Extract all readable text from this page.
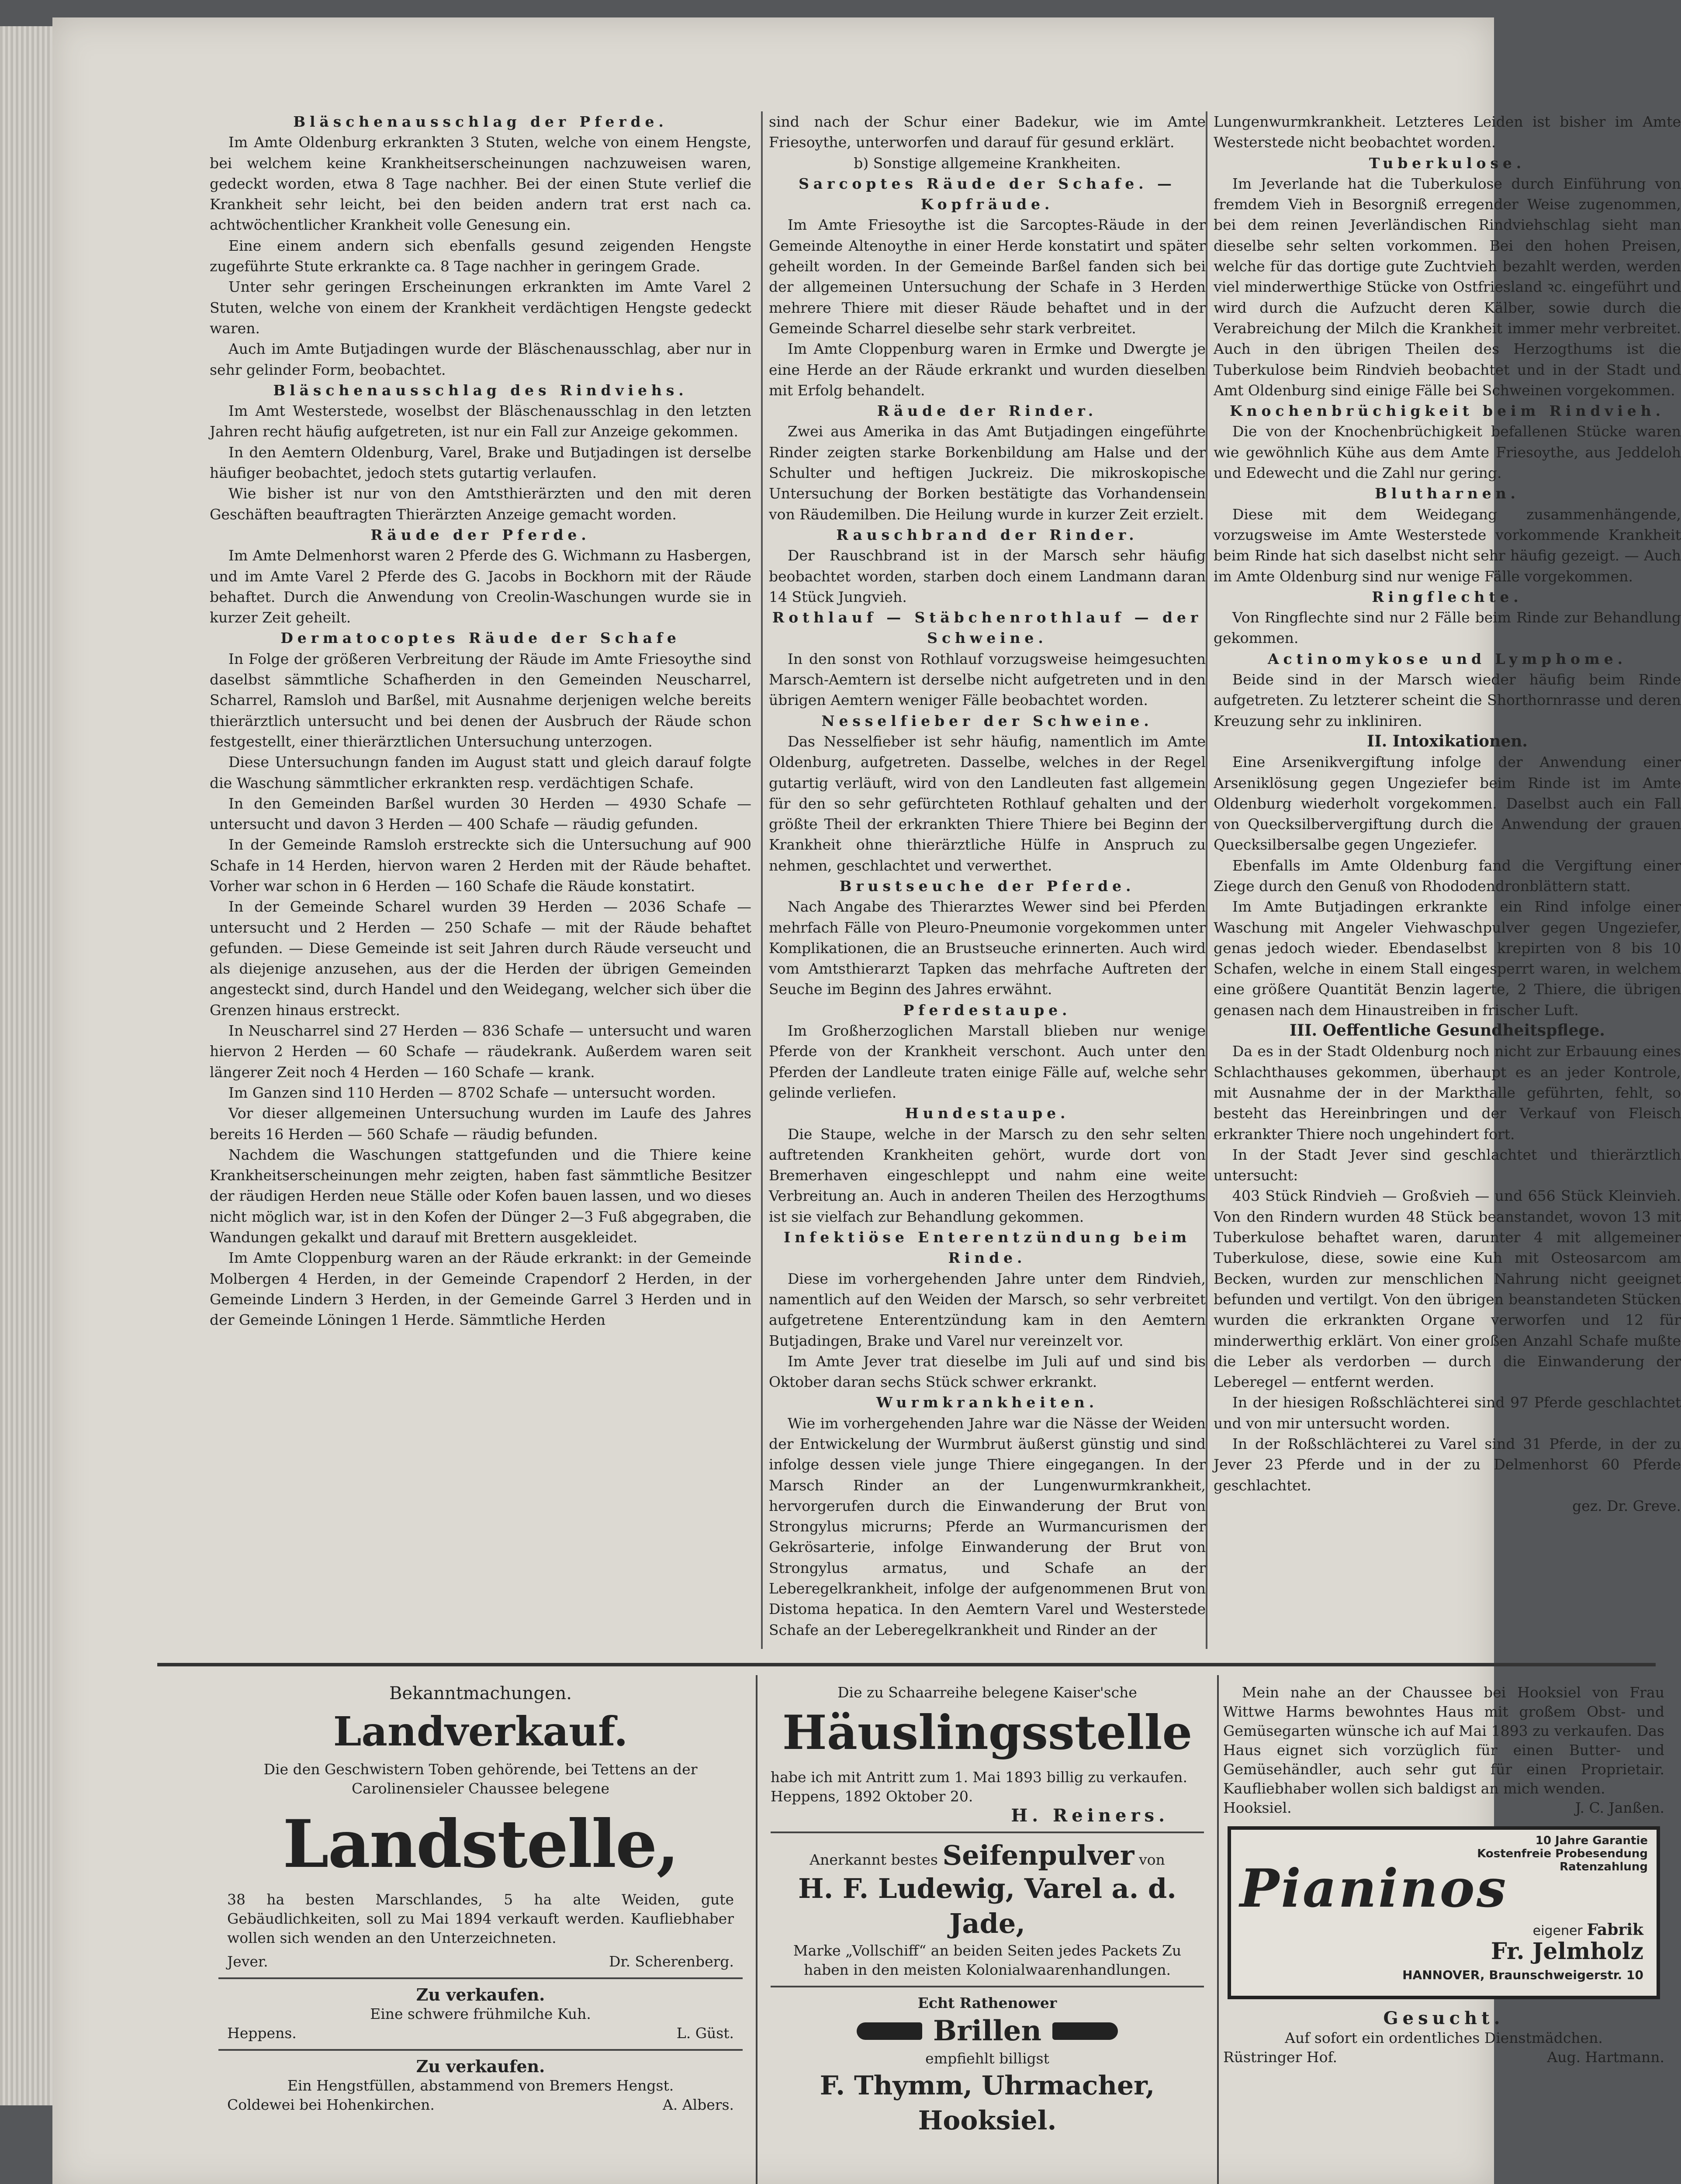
Bläschenausschlag der Pferde.

Im Amte Oldenburg erkrankten 3 Stuten, welche von einem Hengste, bei welchem keine Krankheitserscheinungen nachzuweisen waren, gedeckt worden, etwa 8 Tage nachher. Bei der einen Stute verlief die Krankheit sehr leicht, bei den beiden andern trat erst nach ca. achtwöchentlicher Krankheit volle Genesung ein.

Eine einem andern sich ebenfalls gesund zeigenden Hengste zugeführte Stute erkrankte ca. 8 Tage nachher in geringem Grade.

Unter sehr geringen Erscheinungen erkrankten im Amte Varel 2 Stuten, welche von einem der Krankheit verdächtigen Hengste gedeckt waren.

Auch im Amte Butjadingen wurde der Bläschenausschlag, aber nur in sehr gelinder Form, beobachtet.

Bläschenausschlag des Rindviehs.

Im Amt Westerstede, woselbst der Bläschenausschlag in den letzten Jahren recht häufig aufgetreten, ist nur ein Fall zur Anzeige gekommen.

In den Aemtern Oldenburg, Varel, Brake und Butjadingen ist derselbe häufiger beobachtet, jedoch stets gutartig verlaufen.

Wie bisher ist nur von den Amtsthierärzten und den mit deren Geschäften beauftragten Thierärzten Anzeige gemacht worden.

Räude der Pferde.

Im Amte Delmenhorst waren 2 Pferde des G. Wichmann zu Hasbergen, und im Amte Varel 2 Pferde des G. Jacobs in Bockhorn mit der Räude behaftet. Durch die Anwendung von Creolin-Waschungen wurde sie in kurzer Zeit geheilt.

Dermatocoptes Räude der Schafe

In Folge der größeren Verbreitung der Räude im Amte Friesoythe sind daselbst sämmtliche Schafherden in den Gemeinden Neuscharrel, Scharrel, Ramsloh und Barßel, mit Ausnahme derjenigen welche bereits thierärztlich untersucht und bei denen der Ausbruch der Räude schon festgestellt, einer thierärztlichen Untersuchung unterzogen.

Diese Untersuchungn fanden im August statt und gleich darauf folgte die Waschung sämmtlicher erkrankten resp. verdächtigen Schafe.

In den Gemeinden Barßel wurden 30 Herden — 4930 Schafe — untersucht und davon 3 Herden — 400 Schafe — räudig gefunden.

In der Gemeinde Ramsloh erstreckte sich die Untersuchung auf 900 Schafe in 14 Herden, hiervon waren 2 Herden mit der Räude behaftet. Vorher war schon in 6 Herden — 160 Schafe die Räude konstatirt.

In der Gemeinde Scharel wurden 39 Herden — 2036 Schafe — untersucht und 2 Herden — 250 Schafe — mit der Räude behaftet gefunden. — Diese Gemeinde ist seit Jahren durch Räude verseucht und als diejenige anzusehen, aus der die Herden der übrigen Gemeinden angesteckt sind, durch Handel und den Weidegang, welcher sich über die Grenzen hinaus erstreckt.

In Neuscharrel sind 27 Herden — 836 Schafe — untersucht und waren hiervon 2 Herden — 60 Schafe — räudekrank. Außerdem waren seit längerer Zeit noch 4 Herden — 160 Schafe — krank.

Im Ganzen sind 110 Herden — 8702 Schafe — untersucht worden.

Vor dieser allgemeinen Untersuchung wurden im Laufe des Jahres bereits 16 Herden — 560 Schafe — räudig befunden.

Nachdem die Waschungen stattgefunden und die Thiere keine Krankheitserscheinungen mehr zeigten, haben fast sämmtliche Besitzer der räudigen Herden neue Ställe oder Kofen bauen lassen, und wo dieses nicht möglich war, ist in den Kofen der Dünger 2—3 Fuß abgegraben, die Wandungen gekalkt und darauf mit Brettern ausgekleidet.

Im Amte Cloppenburg waren an der Räude erkrankt: in der Gemeinde Molbergen 4 Herden, in der Gemeinde Crapendorf 2 Herden, in der Gemeinde Lindern 3 Herden, in der Gemeinde Garrel 3 Herden und in der Gemeinde Löningen 1 Herde. Sämmtliche Herden

sind nach der Schur einer Badekur, wie im Amte Friesoythe, unterworfen und darauf für gesund erklärt.

b) Sonstige allgemeine Krankheiten.

Sarcoptes Räude der Schafe. — Kopfräude.

Im Amte Friesoythe ist die Sarcoptes-Räude in der Gemeinde Altenoythe in einer Herde konstatirt und später geheilt worden. In der Gemeinde Barßel fanden sich bei der allgemeinen Untersuchung der Schafe in 3 Herden mehrere Thiere mit dieser Räude behaftet und in der Gemeinde Scharrel dieselbe sehr stark verbreitet.

Im Amte Cloppenburg waren in Ermke und Dwergte je eine Herde an der Räude erkrankt und wurden dieselben mit Erfolg behandelt.

Räude der Rinder.

Zwei aus Amerika in das Amt Butjadingen eingeführte Rinder zeigten starke Borkenbildung am Halse und der Schulter und heftigen Juckreiz. Die mikroskopische Untersuchung der Borken bestätigte das Vorhandensein von Räudemilben. Die Heilung wurde in kurzer Zeit erzielt.

Rauschbrand der Rinder.

Der Rauschbrand ist in der Marsch sehr häufig beobachtet worden, starben doch einem Landmann daran 14 Stück Jungvieh.

Rothlauf — Stäbchenrothlauf — der Schweine.

In den sonst von Rothlauf vorzugsweise heimgesuchten Marsch-Aemtern ist derselbe nicht aufgetreten und in den übrigen Aemtern weniger Fälle beobachtet worden.

Nesselfieber der Schweine.

Das Nesselfieber ist sehr häufig, namentlich im Amte Oldenburg, aufgetreten. Dasselbe, welches in der Regel gutartig verläuft, wird von den Landleuten fast allgemein für den so sehr gefürchteten Rothlauf gehalten und der größte Theil der erkrankten Thiere Thiere bei Beginn der Krankheit ohne thierärztliche Hülfe in Anspruch zu nehmen, geschlachtet und verwerthet.

Brustseuche der Pferde.

Nach Angabe des Thierarztes Wewer sind bei Pferden mehrfach Fälle von Pleuro-Pneumonie vorgekommen unter Komplikationen, die an Brustseuche erinnerten. Auch wird vom Amtsthierarzt Tapken das mehrfache Auftreten der Seuche im Beginn des Jahres erwähnt.

Pferdestaupe.

Im Großherzoglichen Marstall blieben nur wenige Pferde von der Krankheit verschont. Auch unter den Pferden der Landleute traten einige Fälle auf, welche sehr gelinde verliefen.

Hundestaupe.

Die Staupe, welche in der Marsch zu den sehr selten auftretenden Krankheiten gehört, wurde dort von Bremerhaven eingeschleppt und nahm eine weite Verbreitung an. Auch in anderen Theilen des Herzogthums ist sie vielfach zur Behandlung gekommen.

Infektiöse Enterentzündung beim Rinde.

Diese im vorhergehenden Jahre unter dem Rindvieh, namentlich auf den Weiden der Marsch, so sehr verbreitet aufgetretene Enterentzündung kam in den Aemtern Butjadingen, Brake und Varel nur vereinzelt vor.

Im Amte Jever trat dieselbe im Juli auf und sind bis Oktober daran sechs Stück schwer erkrankt.

Wurmkrankheiten.

Wie im vorhergehenden Jahre war die Nässe der Weiden der Entwickelung der Wurmbrut äußerst günstig und sind infolge dessen viele junge Thiere eingegangen. In der Marsch Rinder an der Lungenwurmkrankheit, hervorgerufen durch die Einwanderung der Brut von Strongylus micrurns; Pferde an Wurmancurismen der Gekrösarterie, infolge Einwanderung der Brut von Strongylus armatus, und Schafe an der Leberegelkrankheit, infolge der aufgenommenen Brut von Distoma hepatica. In den Aemtern Varel und Westerstede Schafe an der Leberegelkrankheit und Rinder an der

Lungenwurmkrankheit. Letzteres Leiden ist bisher im Amte Westerstede nicht beobachtet worden.

Tuberkulose.

Im Jeverlande hat die Tuberkulose durch Einführung von fremdem Vieh in Besorgniß erregender Weise zugenommen, bei dem reinen Jeverländischen Rindviehschlag sieht man dieselbe sehr selten vorkommen. Bei den hohen Preisen, welche für das dortige gute Zuchtvieh bezahlt werden, werden viel minderwerthige Stücke von Ostfriesland ꝛc. eingeführt und wird durch die Aufzucht deren Kälber, sowie durch die Verabreichung der Milch die Krankheit immer mehr verbreitet. Auch in den übrigen Theilen des Herzogthums ist die Tuberkulose beim Rindvieh beobachtet und in der Stadt und Amt Oldenburg sind einige Fälle bei Schweinen vorgekommen.

Knochenbrüchigkeit beim Rindvieh.

Die von der Knochenbrüchigkeit befallenen Stücke waren wie gewöhnlich Kühe aus dem Amte Friesoythe, aus Jeddeloh und Edewecht und die Zahl nur gering.

Blutharnen.

Diese mit dem Weidegang zusammenhängende, vorzugsweise im Amte Westerstede vorkommende Krankheit beim Rinde hat sich daselbst nicht sehr häufig gezeigt. — Auch im Amte Oldenburg sind nur wenige Fälle vorgekommen.

Ringflechte.

Von Ringflechte sind nur 2 Fälle beim Rinde zur Behandlung gekommen.

Actinomykose und Lymphome.

Beide sind in der Marsch wieder häufig beim Rinde aufgetreten. Zu letzterer scheint die Shorthornrasse und deren Kreuzung sehr zu inkliniren.

II. Intoxikationen.

Eine Arsenikvergiftung infolge der Anwendung einer Arseniklösung gegen Ungeziefer beim Rinde ist im Amte Oldenburg wiederholt vorgekommen. Daselbst auch ein Fall von Quecksilbervergiftung durch die Anwendung der grauen Quecksilbersalbe gegen Ungeziefer.

Ebenfalls im Amte Oldenburg fand die Vergiftung einer Ziege durch den Genuß von Rhododendronblättern statt.

Im Amte Butjadingen erkrankte ein Rind infolge einer Waschung mit Angeler Viehwaschpulver gegen Ungeziefer, genas jedoch wieder. Ebendaselbst krepirten von 8 bis 10 Schafen, welche in einem Stall eingesperrt waren, in welchem eine größere Quantität Benzin lagerte, 2 Thiere, die übrigen genasen nach dem Hinaustreiben in frischer Luft.

III. Oeffentliche Gesundheitspflege.

Da es in der Stadt Oldenburg noch nicht zur Erbauung eines Schlachthauses gekommen, überhaupt es an jeder Kontrole, mit Ausnahme der in der Markthalle geführten, fehlt, so besteht das Hereinbringen und der Verkauf von Fleisch erkrankter Thiere noch ungehindert fort.

In der Stadt Jever sind geschlachtet und thierärztlich untersucht:

403 Stück Rindvieh — Großvieh — und 656 Stück Kleinvieh. Von den Rindern wurden 48 Stück beanstandet, wovon 13 mit Tuberkulose behaftet waren, darunter 4 mit allgemeiner Tuberkulose, diese, sowie eine Kuh mit Osteosarcom am Becken, wurden zur menschlichen Nahrung nicht geeignet befunden und vertilgt. Von den übrigen beanstandeten Stücken wurden die erkrankten Organe verworfen und 12 für minderwerthig erklärt. Von einer großen Anzahl Schafe mußte die Leber als verdorben — durch die Einwanderung der Leberegel — entfernt werden.

In der hiesigen Roßschlächterei sind 97 Pferde geschlachtet und von mir untersucht worden.

In der Roßschlächterei zu Varel sind 31 Pferde, in der zu Jever 23 Pferde und in der zu Delmenhorst 60 Pferde geschlachtet.

gez. Dr. Greve.

Bekanntmachungen.
Landverkauf.
Die den Geschwistern Toben gehörende, bei Tettens an der Carolinensieler Chaussee belegene
Landstelle,
38 ha besten Marschlandes, 5 ha alte Weiden, gute Gebäudlichkeiten, soll zu Mai 1894 verkauft werden. Kaufliebhaber wollen sich wenden an den Unterzeichneten.
Jever.	Dr. Scherenberg.
Zu verkaufen.
Eine schwere frühmilche Kuh.
Heppens.	L. Güst.
Zu verkaufen.
Ein Hengstfüllen, abstammend von Bremers Hengst.
Coldewei bei Hohenkirchen.	A. Albers.
Die zu Schaarreihe belegene Kaiser'sche
Häuslingsstelle
habe ich mit Antritt zum 1. Mai 1893 billig zu verkaufen.
Heppens, 1892 Oktober 20.
H. Reiners.
Anerkannt bestes Seifenpulver von
H. F. Ludewig, Varel a. d. Jade,
Marke „Vollschiff“ an beiden Seiten jedes Packets Zu haben in den meisten Kolonialwaarenhandlungen.
Echt Rathenower
Brillen
empfiehlt billigst
F. Thymm, Uhrmacher, Hooksiel.
Mein nahe an der Chaussee bei Hooksiel von Frau Wittwe Harms bewohntes Haus mit großem Obst- und Gemüsegarten wünsche ich auf Mai 1893 zu verkaufen. Das Haus eignet sich vorzüglich für einen Butter- und Gemüsehändler, auch sehr gut für einen Proprietair. Kaufliebhaber wollen sich baldigst an mich wenden.
Hooksiel.	J. C. Janßen.
10 Jahre Garantie
Kostenfreie Probesendung
Ratenzahlung
Pianinos
eigener Fabrik
Fr. Jelmholz
HANNOVER, Braunschweigerstr. 10
Gesucht.
Auf sofort ein ordentliches Dienstmädchen.
Rüstringer Hof.	Aug. Hartmann.
